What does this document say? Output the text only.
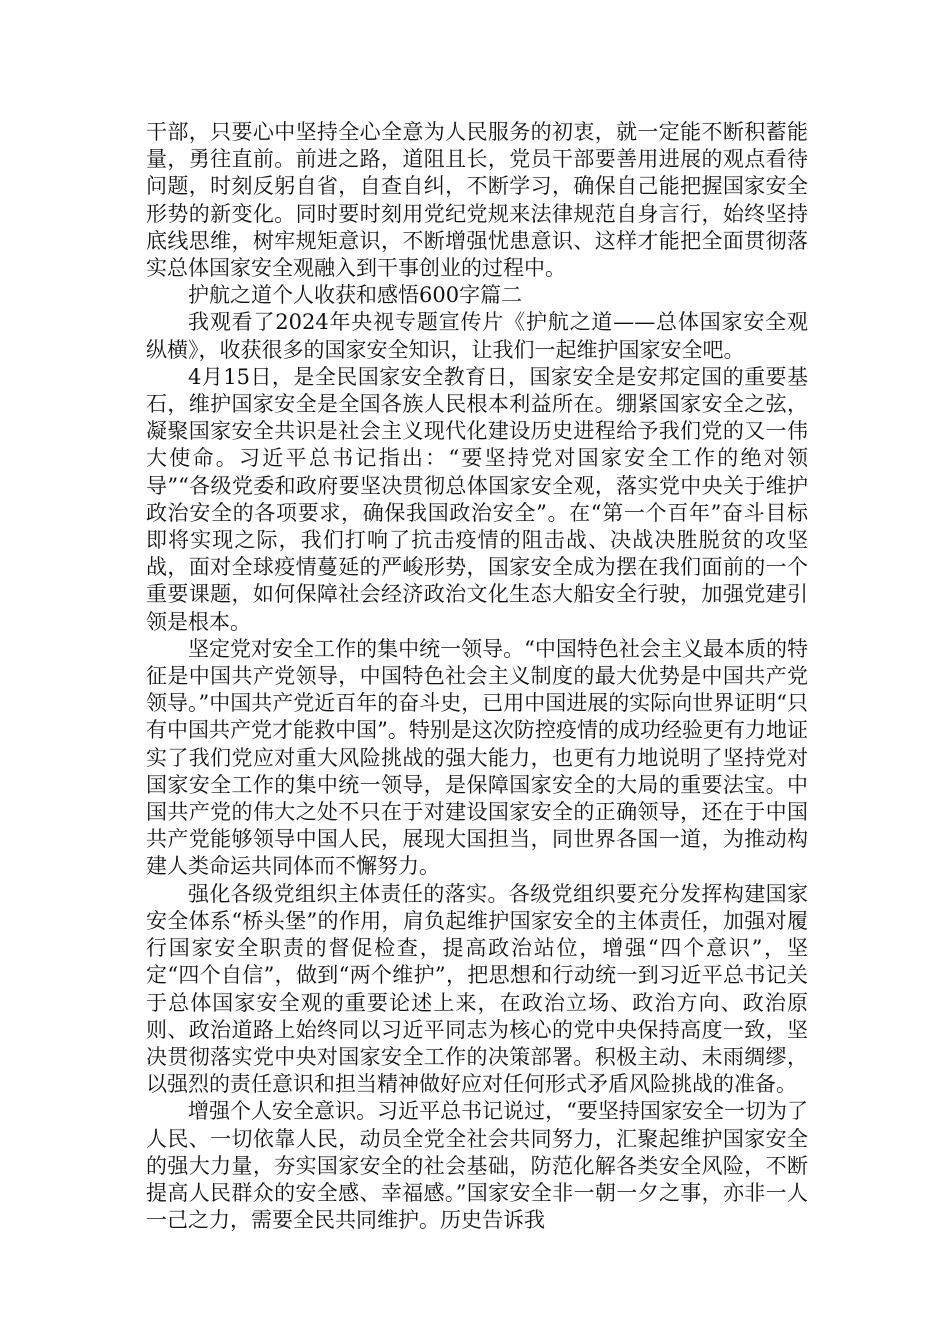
干部，只要心中坚持全心全意为人民服务的初衷，就一定能不断积蓄能量，勇往直前。前进之路，道阻且长，党员干部要善用进展的观点看待问题，时刻反躬自省，自查自纠，不断学习，确保自己能把握国家安全形势的新变化。同时要时刻用党纪党规来法律规范自身言行，始终坚持底线思维，树牢规矩意识，不断增强忧患意识、这样才能把全面贯彻落实总体国家安全观融入到干事创业的过程中。

护航之道个人收获和感悟600字篇二

我观看了2024年央视专题宣传片《护航之道——总体国家安全观纵横》，收获很多的国家安全知识，让我们一起维护国家安全吧。

4月15日，是全民国家安全教育日，国家安全是安邦定国的重要基石，维护国家安全是全国各族人民根本利益所在。绷紧国家安全之弦，凝聚国家安全共识是社会主义现代化建设历史进程给予我们党的又一伟大使命。习近平总书记指出：“要坚持党对国家安全工作的绝对领导”“各级党委和政府要坚决贯彻总体国家安全观，落实党中央关于维护政治安全的各项要求，确保我国政治安全”。在“第一个百年”奋斗目标即将实现之际，我们打响了抗击疫情的阻击战、决战决胜脱贫的攻坚战，面对全球疫情蔓延的严峻形势，国家安全成为摆在我们面前的一个重要课题，如何保障社会经济政治文化生态大船安全行驶，加强党建引领是根本。

坚定党对安全工作的集中统一领导。“中国特色社会主义最本质的特征是中国共产党领导，中国特色社会主义制度的最大优势是中国共产党领导。”中国共产党近百年的奋斗史，已用中国进展的实际向世界证明“只有中国共产党才能救中国”。特别是这次防控疫情的成功经验更有力地证实了我们党应对重大风险挑战的强大能力，也更有力地说明了坚持党对国家安全工作的集中统一领导，是保障国家安全的大局的重要法宝。中国共产党的伟大之处不只在于对建设国家安全的正确领导，还在于中国共产党能够领导中国人民，展现大国担当，同世界各国一道，为推动构建人类命运共同体而不懈努力。

强化各级党组织主体责任的落实。各级党组织要充分发挥构建国家安全体系“桥头堡”的作用，肩负起维护国家安全的主体责任，加强对履行国家安全职责的督促检查，提高政治站位，增强“四个意识”，坚定“四个自信”，做到“两个维护”，把思想和行动统一到习近平总书记关于总体国家安全观的重要论述上来，在政治立场、政治方向、政治原则、政治道路上始终同以习近平同志为核心的党中央保持高度一致，坚决贯彻落实党中央对国家安全工作的决策部署。积极主动、未雨绸缪，以强烈的责任意识和担当精神做好应对任何形式矛盾风险挑战的准备。

增强个人安全意识。习近平总书记说过，“要坚持国家安全一切为了人民、一切依靠人民，动员全党全社会共同努力，汇聚起维护国家安全的强大力量，夯实国家安全的社会基础，防范化解各类安全风险，不断提高人民群众的安全感、幸福感。”国家安全非一朝一夕之事，亦非一人一己之力，需要全民共同维护。历史告诉我
